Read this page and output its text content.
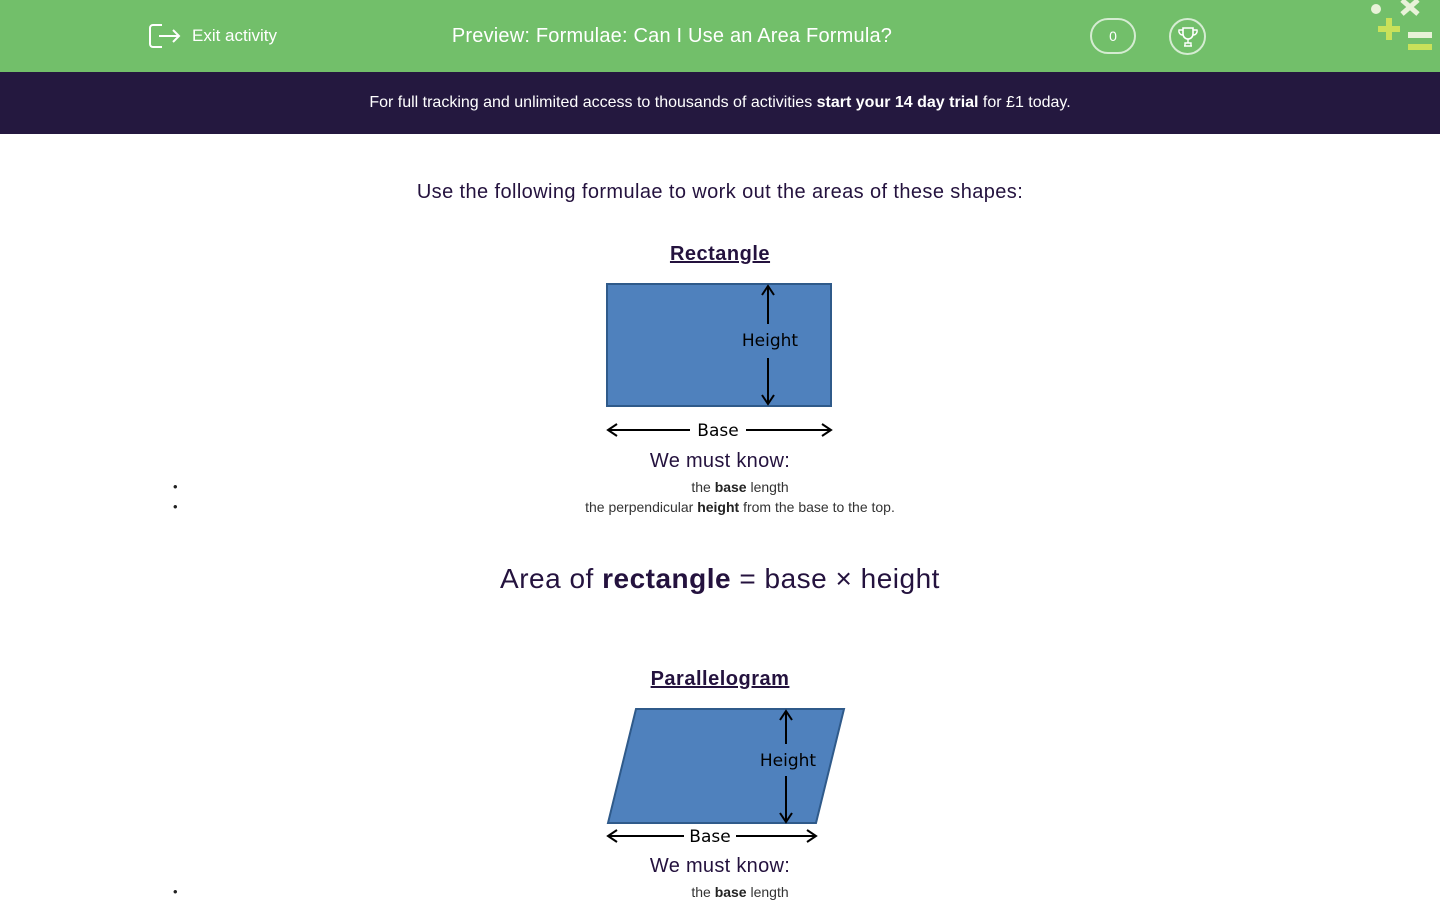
Exit activity	Preview: Formulae: Can I Use an Area Formula?	0
For full tracking and unlimited access to thousands of activities start your 14 day trial for £1 today.
Use the following formulae to work out the areas of these shapes:
Rectangle
Height
Base
We must know:
• the base length
• the perpendicular height from the base to the top.
Area of rectangle = base × height
Parallelogram
Height
Base
We must know:
• the base length
